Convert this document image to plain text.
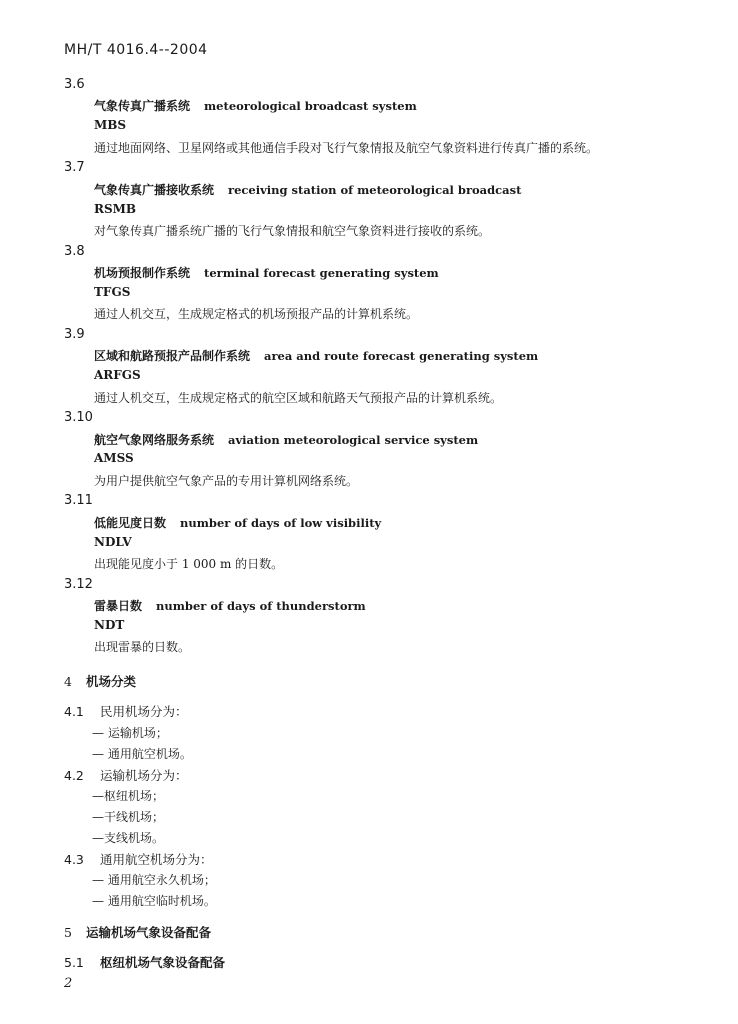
MH/T 4016.4--2004
3.6
气象传真广播系统 meteorological broadcast system
MBS
通过地面网络、卫星网络或其他通信手段对飞行气象情报及航空气象资料进行传真广播的系统。
3.7
气象传真广播接收系统 receiving station of meteorological broadcast
RSMB
对气象传真广播系统广播的飞行气象情报和航空气象资料进行接收的系统。
3.8
机场预报制作系统 terminal forecast generating system
TFGS
通过人机交互，生成规定格式的机场预报产品的计算机系统。
3.9
区域和航路预报产品制作系统 area and route forecast generating system
ARFGS
通过人机交互，生成规定格式的航空区域和航路天气预报产品的计算机系统。
3.10
航空气象网络服务系统 aviation meteorological service system
AMSS
为用户提供航空气象产品的专用计算机网络系统。
3.11
低能见度日数 number of days of low visibility
NDLV
出现能见度小于 1 000 m 的日数。
3.12
雷暴日数 number of days of thunderstorm
NDT
出现雷暴的日数。
4 机场分类
4.1 民用机场分为：
— 运输机场；
— 通用航空机场。
4.2 运输机场分为：
—枢纽机场；
—干线机场；
—支线机场。
4.3 通用航空机场分为：
— 通用航空永久机场；
— 通用航空临时机场。
5 运输机场气象设备配备
5.1 枢纽机场气象设备配备
2
